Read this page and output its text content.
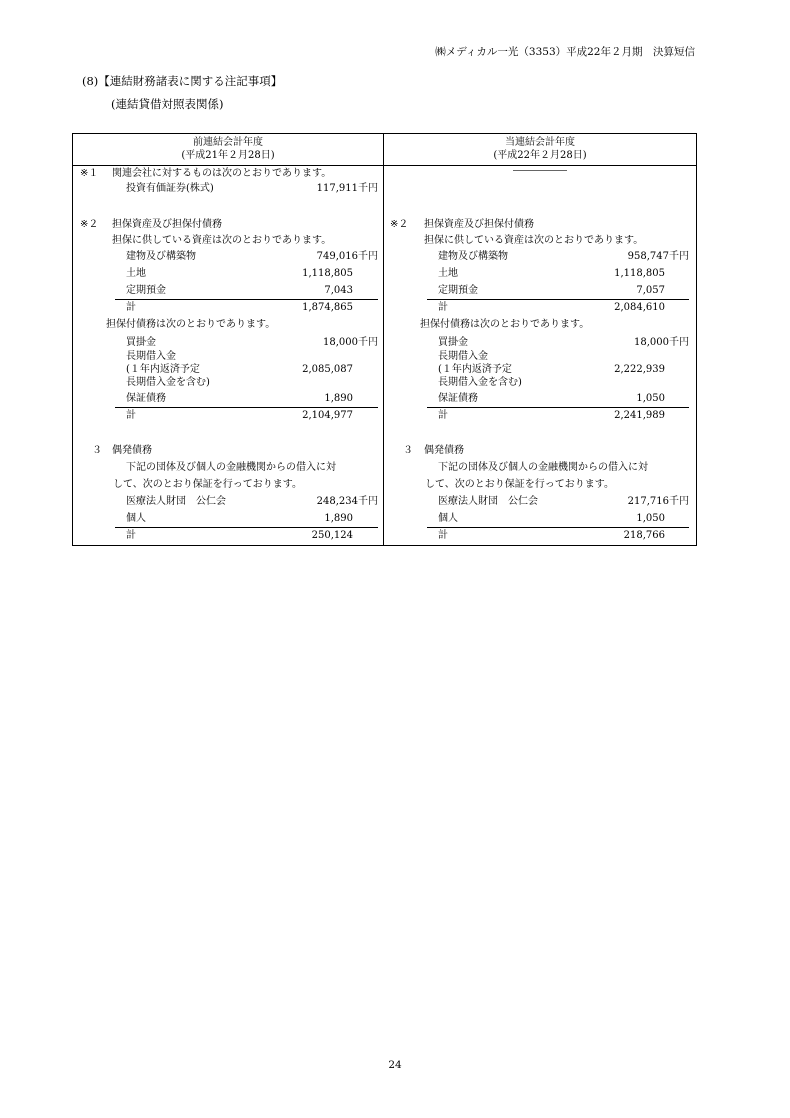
㈱メディカル一光（3353）平成22年２月期　決算短信
(8)【連結財務諸表に関する注記事項】
(連結貸借対照表関係)
前連結会計年度
(平成21年２月28日)
当連結会計年度
(平成22年２月28日)
※１ 関連会社に対するものは次のとおりであります。
投資有価証券(株式)	117,911千円
※２ 担保資産及び担保付債務
担保に供している資産は次のとおりであります。
建物及び構築物	749,016千円
土地	1,118,805
定期預金	7,043
計	1,874,865
担保付債務は次のとおりであります。
買掛金	18,000千円
長期借入金
(１年内返済予定	2,085,087
長期借入金を含む)
保証債務	1,890
計	2,104,977
３ 偶発債務
下記の団体及び個人の金融機関からの借入に対
して、次のとおり保証を行っております。
医療法人財団　公仁会	248,234千円
個人	1,890
計	250,124
――――――
※２ 担保資産及び担保付債務
担保に供している資産は次のとおりであります。
建物及び構築物	958,747千円
土地	1,118,805
定期預金	7,057
計	2,084,610
担保付債務は次のとおりであります。
買掛金	18,000千円
長期借入金
(１年内返済予定	2,222,939
長期借入金を含む)
保証債務	1,050
計	2,241,989
３ 偶発債務
下記の団体及び個人の金融機関からの借入に対
して、次のとおり保証を行っております。
医療法人財団　公仁会	217,716千円
個人	1,050
計	218,766
24
